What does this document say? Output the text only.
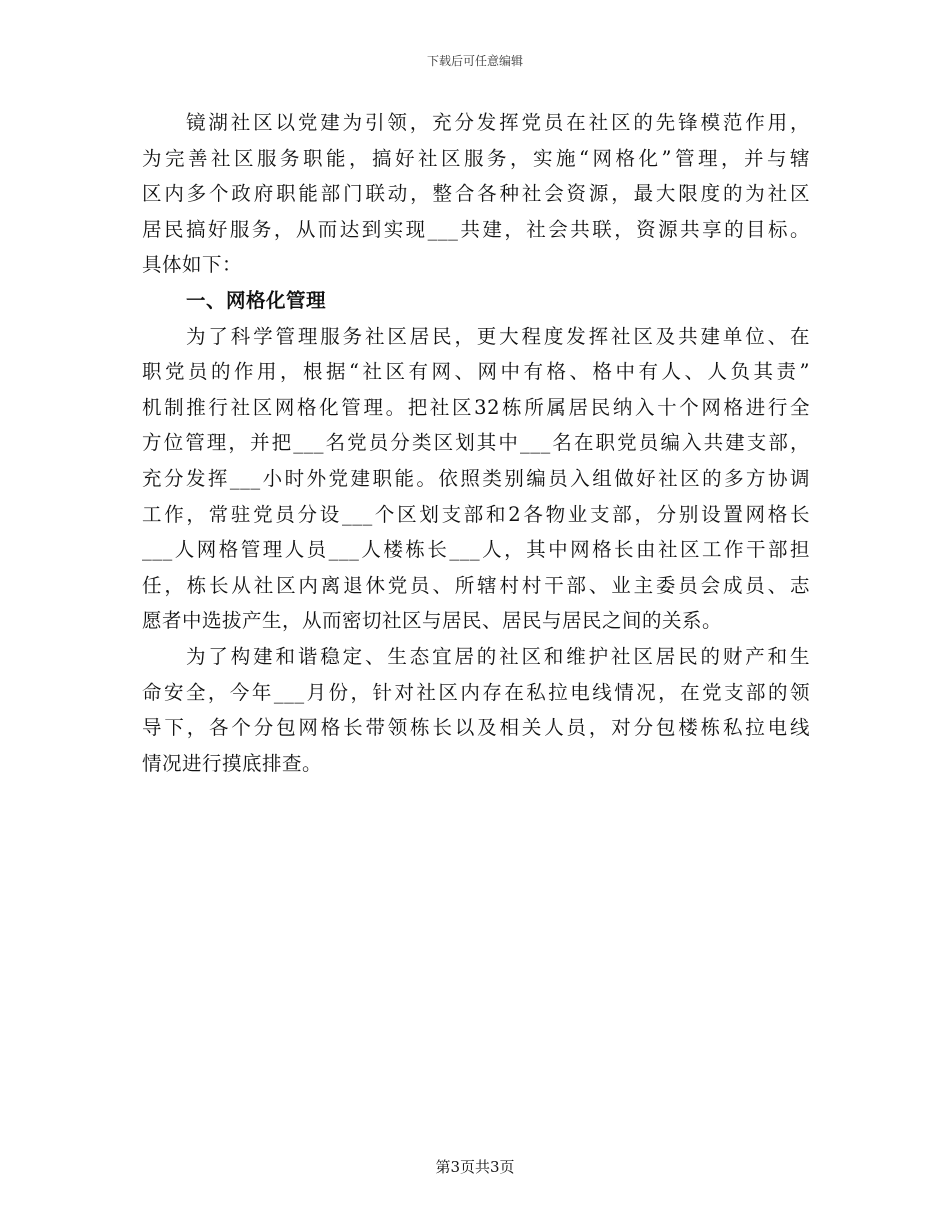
下载后可任意编辑
镜湖社区以党建为引领，充分发挥党员在社区的先锋模范作用，
为完善社区服务职能，搞好社区服务，实施“网格化”管理，并与辖
区内多个政府职能部门联动，整合各种社会资源，最大限度的为社区
居民搞好服务，从而达到实现___共建，社会共联，资源共享的目标。
具体如下：
一、网格化管理
为了科学管理服务社区居民，更大程度发挥社区及共建单位、在
职党员的作用，根据“社区有网、网中有格、格中有人、人负其责”
机制推行社区网格化管理。把社区32栋所属居民纳入十个网格进行全
方位管理，并把___名党员分类区划其中___名在职党员编入共建支部，
充分发挥___小时外党建职能。依照类别编员入组做好社区的多方协调
工作，常驻党员分设___个区划支部和2各物业支部，分别设置网格长
___人网格管理人员___人楼栋长___人，其中网格长由社区工作干部担
任，栋长从社区内离退休党员、所辖村村干部、业主委员会成员、志
愿者中选拔产生，从而密切社区与居民、居民与居民之间的关系。
为了构建和谐稳定、生态宜居的社区和维护社区居民的财产和生
命安全，今年___月份，针对社区内存在私拉电线情况，在党支部的领
导下，各个分包网格长带领栋长以及相关人员，对分包楼栋私拉电线
情况进行摸底排查。
第3页共3页
